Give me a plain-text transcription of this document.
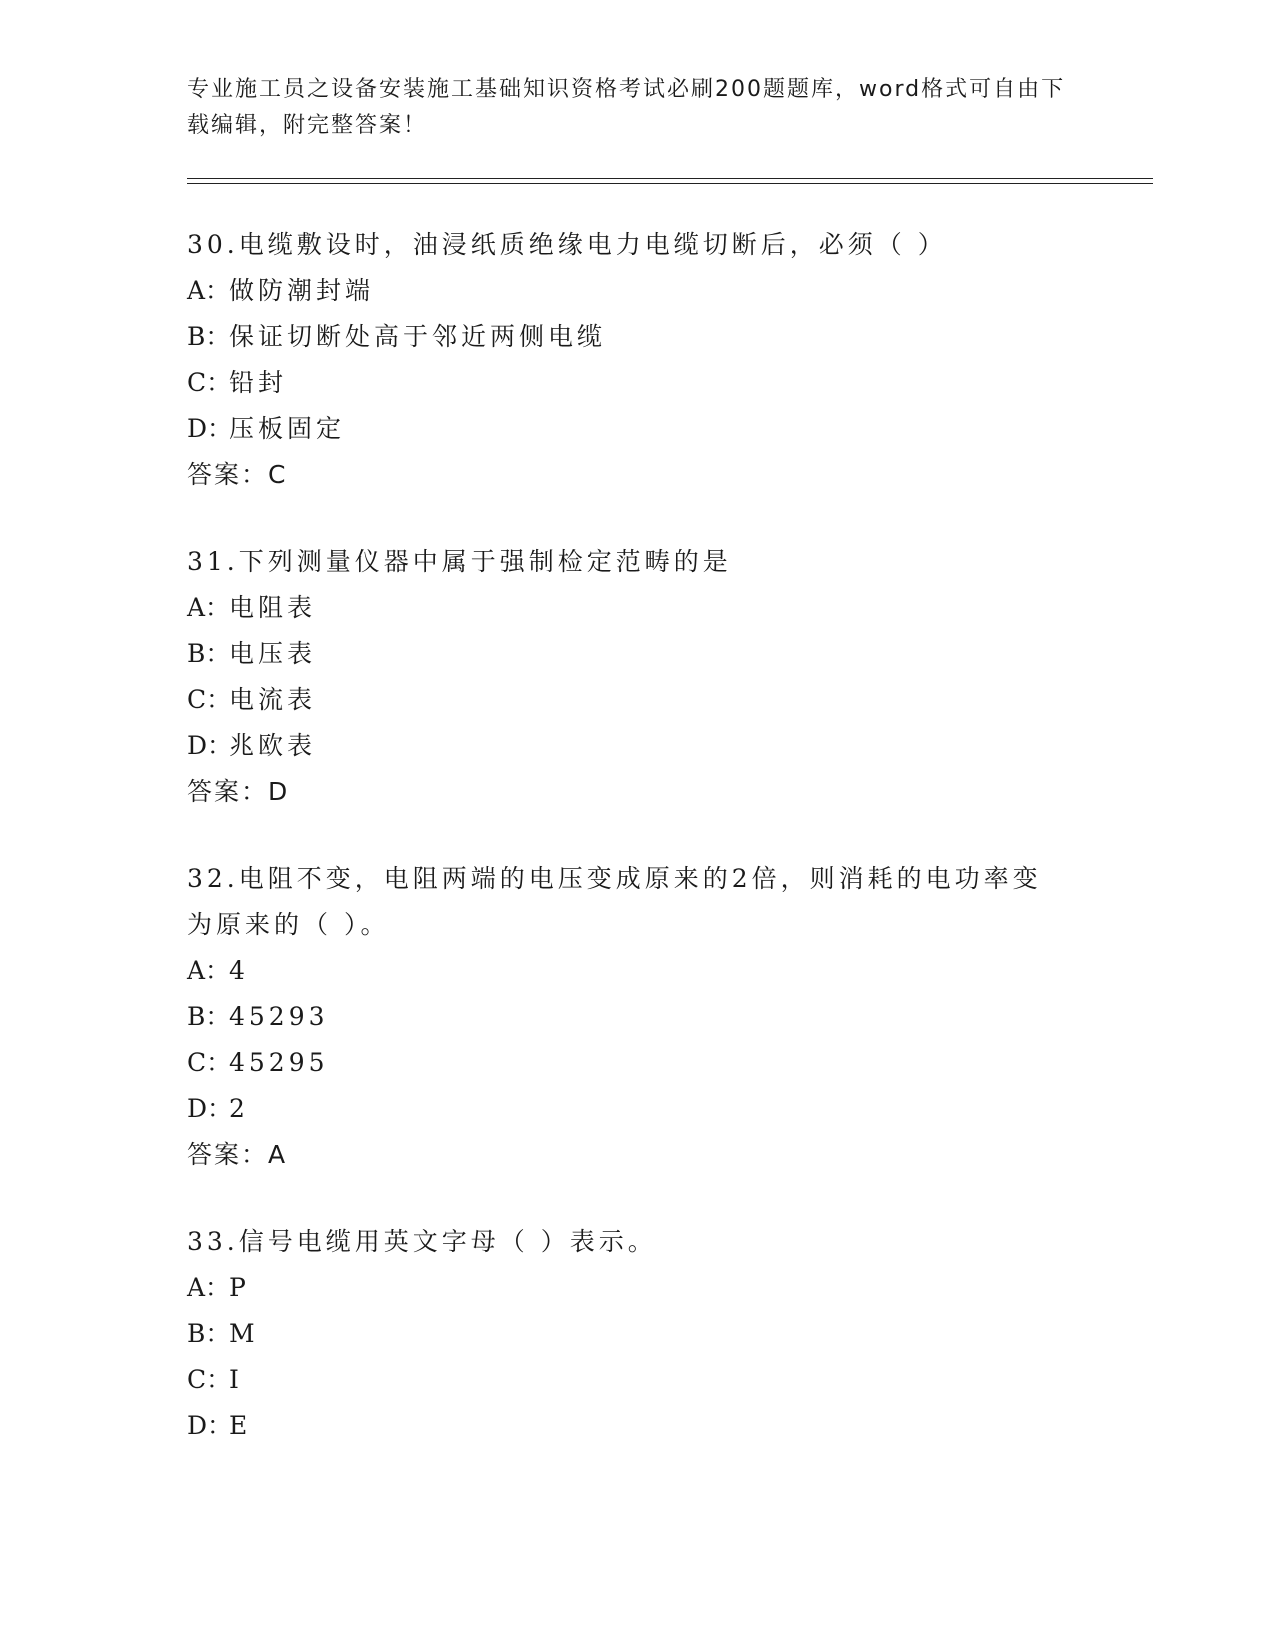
专业施工员之设备安装施工基础知识资格考试必刷200题题库，word格式可自由下载编辑，附完整答案！
30.电缆敷设时，油浸纸质绝缘电力电缆切断后，必须（ ）
A：做防潮封端
B：保证切断处高于邻近两侧电缆
C：铅封
D：压板固定
答案：C
31.下列测量仪器中属于强制检定范畴的是
A：电阻表
B：电压表
C：电流表
D：兆欧表
答案：D
32.电阻不变，电阻两端的电压变成原来的2倍，则消耗的电功率变为原来的（ ）。
A：4
B：45293
C：45295
D：2
答案：A
33.信号电缆用英文字母（ ）表示。
A：P
B：M
C：I
D：E
